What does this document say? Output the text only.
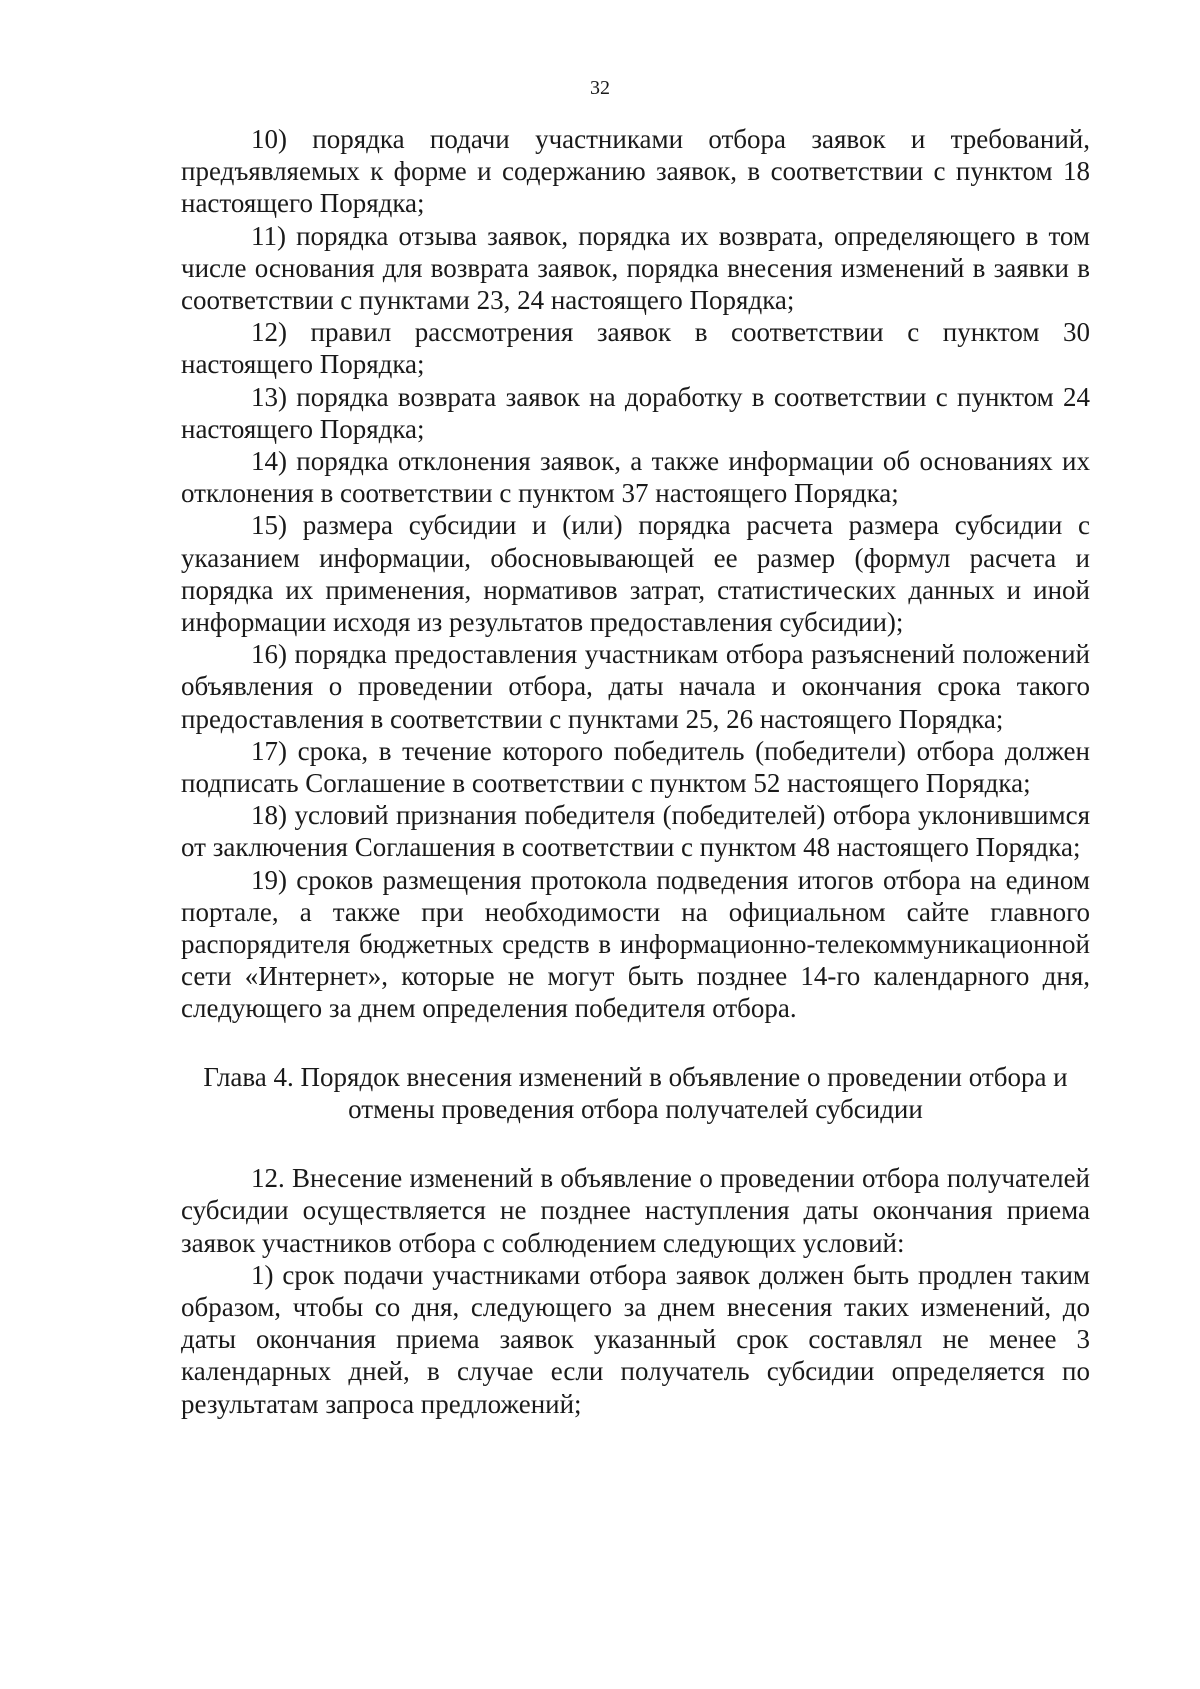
32

10) порядка подачи участниками отбора заявок и требований, предъявляемых к форме и содержанию заявок, в соответствии с пунктом 18 настоящего Порядка;

11) порядка отзыва заявок, порядка их возврата, определяющего в том числе основания для возврата заявок, порядка внесения изменений в заявки в соответствии с пунктами 23, 24 настоящего Порядка;

12) правил рассмотрения заявок в соответствии с пунктом 30 настоящего Порядка;

13) порядка возврата заявок на доработку в соответствии с пунктом 24 настоящего Порядка;

14) порядка отклонения заявок, а также информации об основаниях их отклонения в соответствии с пунктом 37 настоящего Порядка;

15) размера субсидии и (или) порядка расчета размера субсидии с указанием информации, обосновывающей ее размер (формул расчета и порядка их применения, нормативов затрат, статистических данных и иной информации исходя из результатов предоставления субсидии);

16) порядка предоставления участникам отбора разъяснений положений объявления о проведении отбора, даты начала и окончания срока такого предоставления в соответствии с пунктами 25, 26 настоящего Порядка;

17) срока, в течение которого победитель (победители) отбора должен подписать Соглашение в соответствии с пунктом 52 настоящего Порядка;

18) условий признания победителя (победителей) отбора уклонившимся от заключения Соглашения в соответствии с пунктом 48 настоящего Порядка;

19) сроков размещения протокола подведения итогов отбора на едином портале, а также при необходимости на официальном сайте главного распорядителя бюджетных средств в информационно-телекоммуникационной сети «Интернет», которые не могут быть позднее 14-го календарного дня, следующего за днем определения победителя отбора.

Глава 4. Порядок внесения изменений в объявление о проведении отбора и
отмены проведения отбора получателей субсидии

12. Внесение изменений в объявление о проведении отбора получателей субсидии осуществляется не позднее наступления даты окончания приема заявок участников отбора с соблюдением следующих условий:

1) срок подачи участниками отбора заявок должен быть продлен таким образом, чтобы со дня, следующего за днем внесения таких изменений, до даты окончания приема заявок указанный срок составлял не менее 3 календарных дней, в случае если получатель субсидии определяется по результатам запроса предложений;
